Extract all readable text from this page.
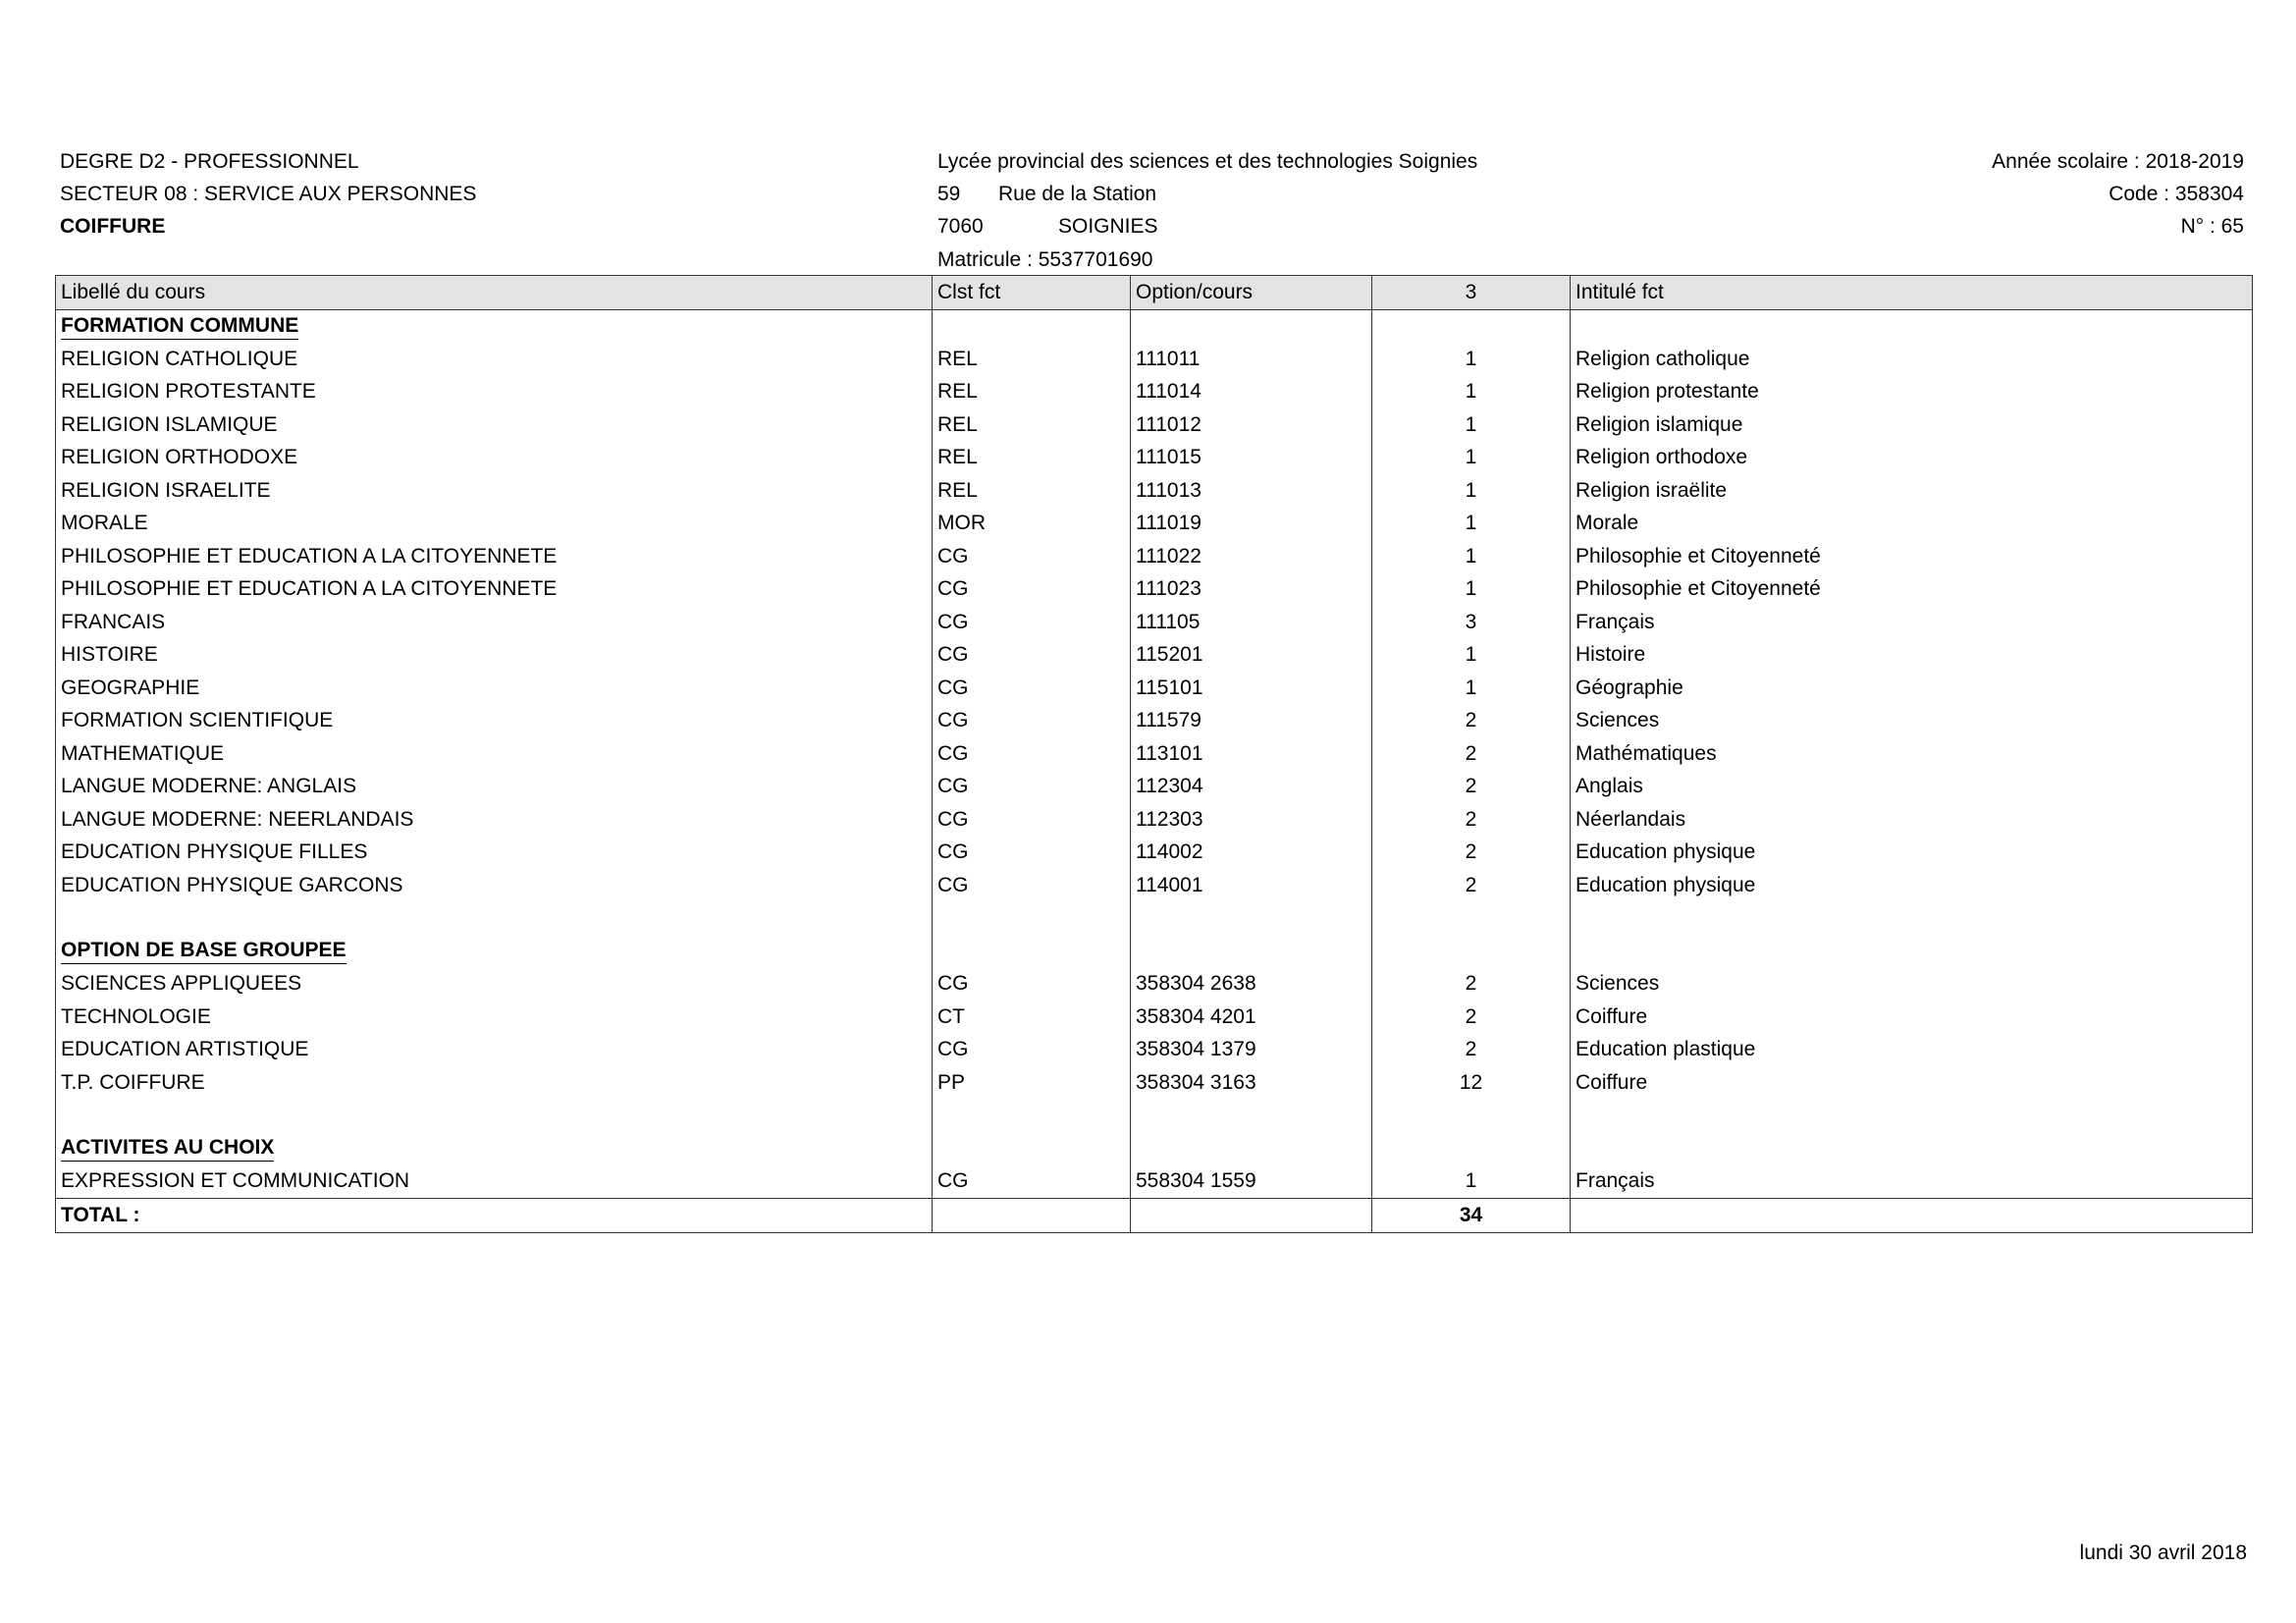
DEGRE D2 - PROFESSIONNEL
SECTEUR 08 : SERVICE AUX PERSONNES
COIFFURE
Lycée provincial des sciences et des technologies Soignies
59 Rue de la Station
7060	SOIGNIES
Matricule : 5537701690
Année scolaire : 2018-2019
Code : 358304
N° : 65
Libellé du cours	Clst fct	Option/cours	3	Intitulé fct
FORMATION COMMUNE				
RELIGION CATHOLIQUE	REL	111011	1	Religion catholique
RELIGION PROTESTANTE	REL	111014	1	Religion protestante
RELIGION ISLAMIQUE	REL	111012	1	Religion islamique
RELIGION ORTHODOXE	REL	111015	1	Religion orthodoxe
RELIGION ISRAELITE	REL	111013	1	Religion israëlite
MORALE	MOR	111019	1	Morale
PHILOSOPHIE ET EDUCATION A LA CITOYENNETE	CG	111022	1	Philosophie et Citoyenneté
PHILOSOPHIE ET EDUCATION A LA CITOYENNETE	CG	111023	1	Philosophie et Citoyenneté
FRANCAIS	CG	111105	3	Français
HISTOIRE	CG	115201	1	Histoire
GEOGRAPHIE	CG	115101	1	Géographie
FORMATION SCIENTIFIQUE	CG	111579	2	Sciences
MATHEMATIQUE	CG	113101	2	Mathématiques
LANGUE MODERNE: ANGLAIS	CG	112304	2	Anglais
LANGUE MODERNE: NEERLANDAIS	CG	112303	2	Néerlandais
EDUCATION PHYSIQUE FILLES	CG	114002	2	Education physique
EDUCATION PHYSIQUE GARCONS	CG	114001	2	Education physique

OPTION DE BASE GROUPEE				
SCIENCES APPLIQUEES	CG	358304 2638	2	Sciences
TECHNOLOGIE	CT	358304 4201	2	Coiffure
EDUCATION ARTISTIQUE	CG	358304 1379	2	Education plastique
T.P. COIFFURE	PP	358304 3163	12	Coiffure

ACTIVITES AU CHOIX				
EXPRESSION ET COMMUNICATION	CG	558304 1559	1	Français
TOTAL :			34	
lundi 30 avril 2018
